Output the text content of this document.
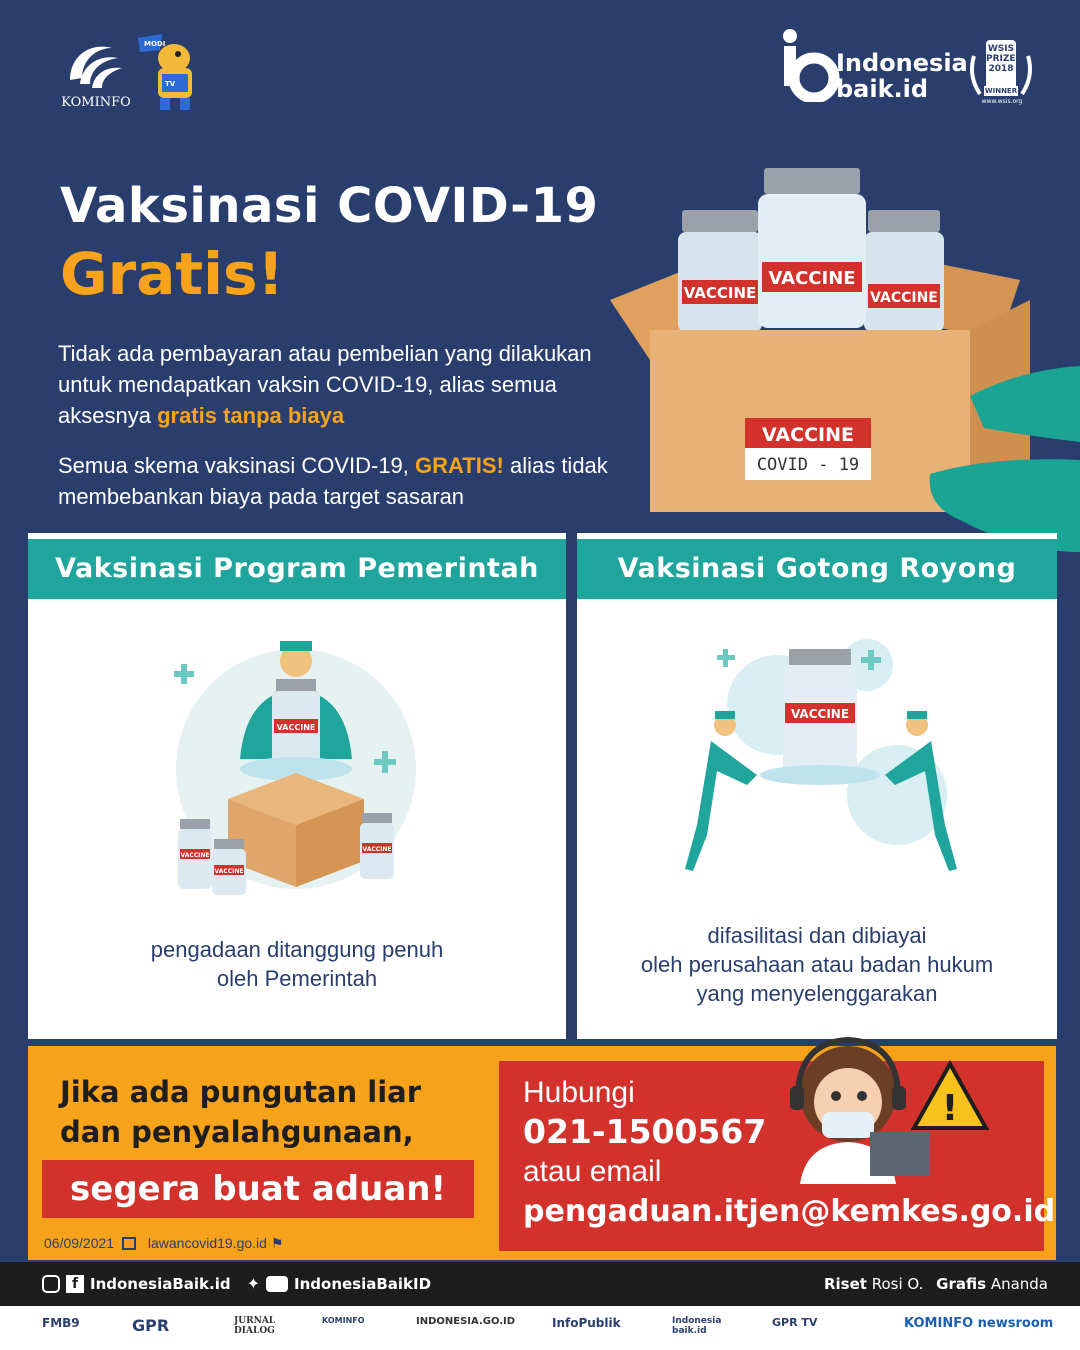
KOMINFO
MODI
TV
Indonesia
baik.id
WSIS
PRIZES
2018
WINNER
www.wsis.org
Vaksinasi COVID-19
Gratis!
Tidak ada pembayaran atau pembelian yang dilakukan untuk mendapatkan vaksin COVID-19, alias semua aksesnya gratis tanpa biaya
Semua skema vaksinasi COVID-19, GRATIS! alias tidak membebankan biaya pada target sasaran
VACCINE	VACCINE
VACCINE
VACCINE
COVID - 19
Vaksinasi Program Pemerintah
VACCINE
VACCINE
VACCINE
VACCINE
pengadaan ditanggung penuh
oleh Pemerintah
Vaksinasi Gotong Royong
VACCINE
difasilitasi dan dibiayai
oleh perusahaan atau badan hukum
yang menyelenggarakan
Jika ada pungutan liar
dan penyalahgunaan,
segera buat aduan!
06/09/2021 lawancovid19.go.id ⚑
!
Hubungi
021-1500567
atau email
pengaduan.itjen@kemkes.go.id
f IndonesiaBaik.id ✦ IndonesiaBaikID	Riset Rosi O. Grafis Ananda
FMB9	GPR	JURNAL DIALOG
KOMINFO	INDONESIA.GO.ID	InfoPublik	Indonesia baik.id
GPR TV	KOMINFO newsroom
